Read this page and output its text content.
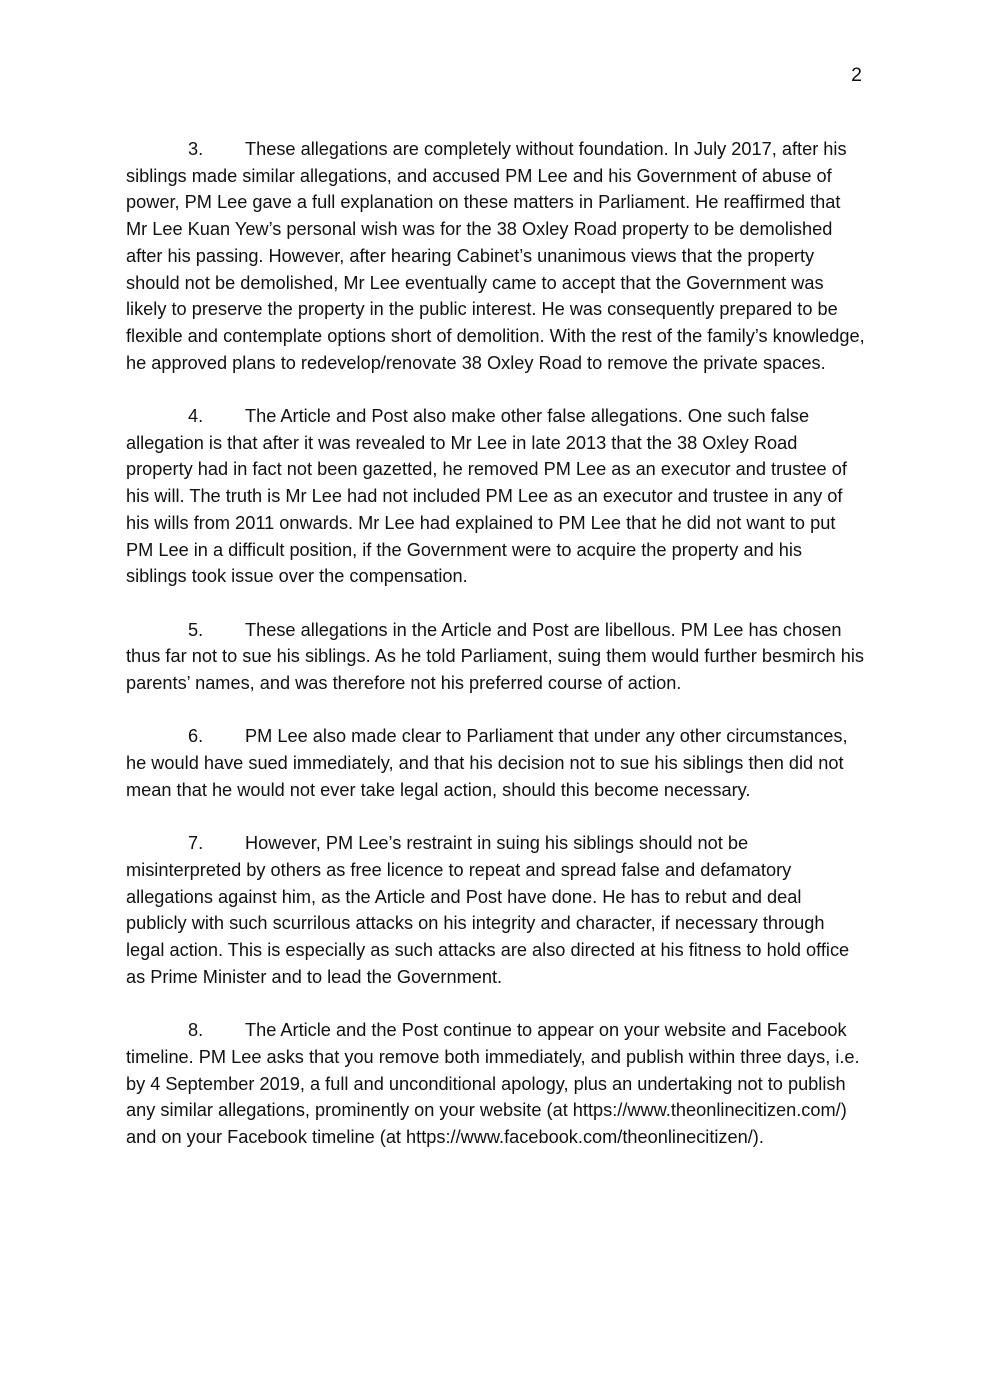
2

3. These allegations are completely without foundation. In July 2017, after his siblings made similar allegations, and accused PM Lee and his Government of abuse of power, PM Lee gave a full explanation on these matters in Parliament. He reaffirmed that Mr Lee Kuan Yew’s personal wish was for the 38 Oxley Road property to be demolished after his passing. However, after hearing Cabinet’s unanimous views that the property should not be demolished, Mr Lee eventually came to accept that the Government was likely to preserve the property in the public interest. He was consequently prepared to be flexible and contemplate options short of demolition. With the rest of the family’s knowledge, he approved plans to redevelop/renovate 38 Oxley Road to remove the private spaces.

4. The Article and Post also make other false allegations. One such false allegation is that after it was revealed to Mr Lee in late 2013 that the 38 Oxley Road property had in fact not been gazetted, he removed PM Lee as an executor and trustee of his will. The truth is Mr Lee had not included PM Lee as an executor and trustee in any of his wills from 2011 onwards. Mr Lee had explained to PM Lee that he did not want to put PM Lee in a difficult position, if the Government were to acquire the property and his siblings took issue over the compensation.

5. These allegations in the Article and Post are libellous. PM Lee has chosen thus far not to sue his siblings. As he told Parliament, suing them would further besmirch his parents’ names, and was therefore not his preferred course of action.

6. PM Lee also made clear to Parliament that under any other circumstances, he would have sued immediately, and that his decision not to sue his siblings then did not mean that he would not ever take legal action, should this become necessary.

7. However, PM Lee’s restraint in suing his siblings should not be misinterpreted by others as free licence to repeat and spread false and defamatory allegations against him, as the Article and Post have done. He has to rebut and deal publicly with such scurrilous attacks on his integrity and character, if necessary through legal action. This is especially as such attacks are also directed at his fitness to hold office as Prime Minister and to lead the Government.

8. The Article and the Post continue to appear on your website and Facebook timeline. PM Lee asks that you remove both immediately, and publish within three days, i.e. by 4 September 2019, a full and unconditional apology, plus an undertaking not to publish any similar allegations, prominently on your website (at https://www.theonlinecitizen.com/) and on your Facebook timeline (at https://www.facebook.com/theonlinecitizen/).
